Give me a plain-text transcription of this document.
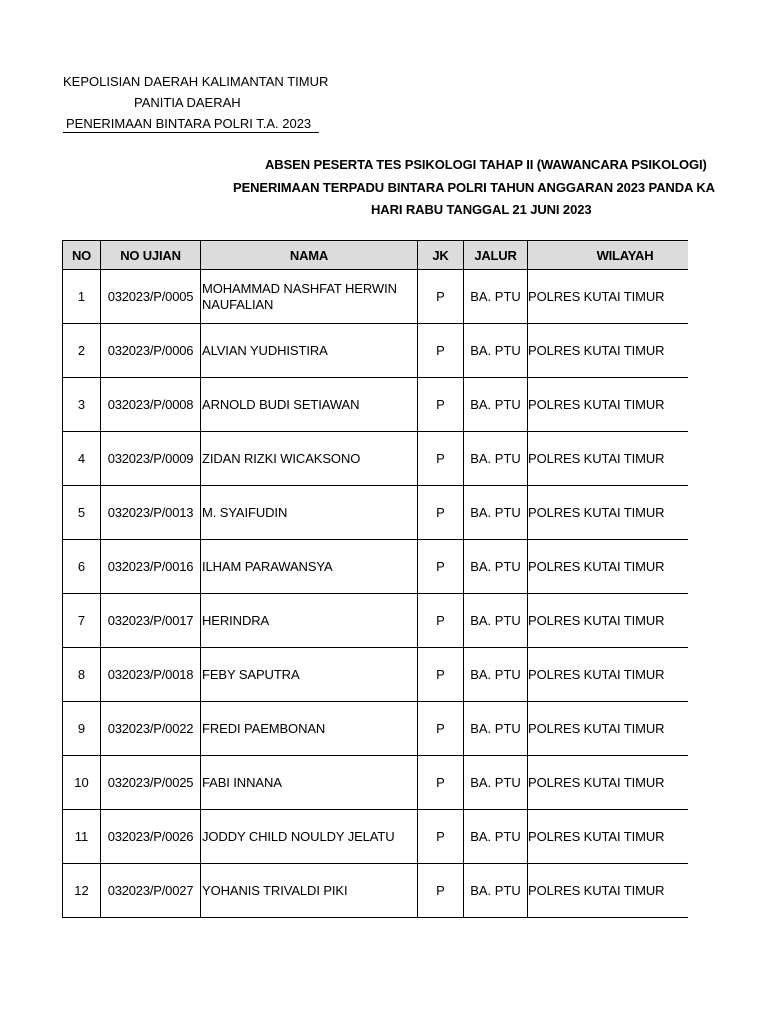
KEPOLISIAN DAERAH KALIMANTAN TIMUR
PANITIA DAERAH
PENERIMAAN BINTARA POLRI T.A. 2023
ABSEN PESERTA TES PSIKOLOGI TAHAP II (WAWANCARA PSIKOLOGI)
PENERIMAAN TERPADU BINTARA POLRI TAHUN ANGGARAN 2023 PANDA KA
HARI RABU TANGGAL 21 JUNI 2023
NO	NO UJIAN	NAMA	JK	JALUR	WILAYAH
1	032023/P/0005	MOHAMMAD NASHFAT HERWIN NAUFALIAN	P	BA. PTU	POLRES KUTAI TIMUR
2	032023/P/0006	ALVIAN YUDHISTIRA	P	BA. PTU	POLRES KUTAI TIMUR
3	032023/P/0008	ARNOLD BUDI SETIAWAN	P	BA. PTU	POLRES KUTAI TIMUR
4	032023/P/0009	ZIDAN RIZKI WICAKSONO	P	BA. PTU	POLRES KUTAI TIMUR
5	032023/P/0013	M. SYAIFUDIN	P	BA. PTU	POLRES KUTAI TIMUR
6	032023/P/0016	ILHAM PARAWANSYA	P	BA. PTU	POLRES KUTAI TIMUR
7	032023/P/0017	HERINDRA	P	BA. PTU	POLRES KUTAI TIMUR
8	032023/P/0018	FEBY SAPUTRA	P	BA. PTU	POLRES KUTAI TIMUR
9	032023/P/0022	FREDI PAEMBONAN	P	BA. PTU	POLRES KUTAI TIMUR
10	032023/P/0025	FABI INNANA	P	BA. PTU	POLRES KUTAI TIMUR
11	032023/P/0026	JODDY CHILD NOULDY JELATU	P	BA. PTU	POLRES KUTAI TIMUR
12	032023/P/0027	YOHANIS TRIVALDI PIKI	P	BA. PTU	POLRES KUTAI TIMUR
